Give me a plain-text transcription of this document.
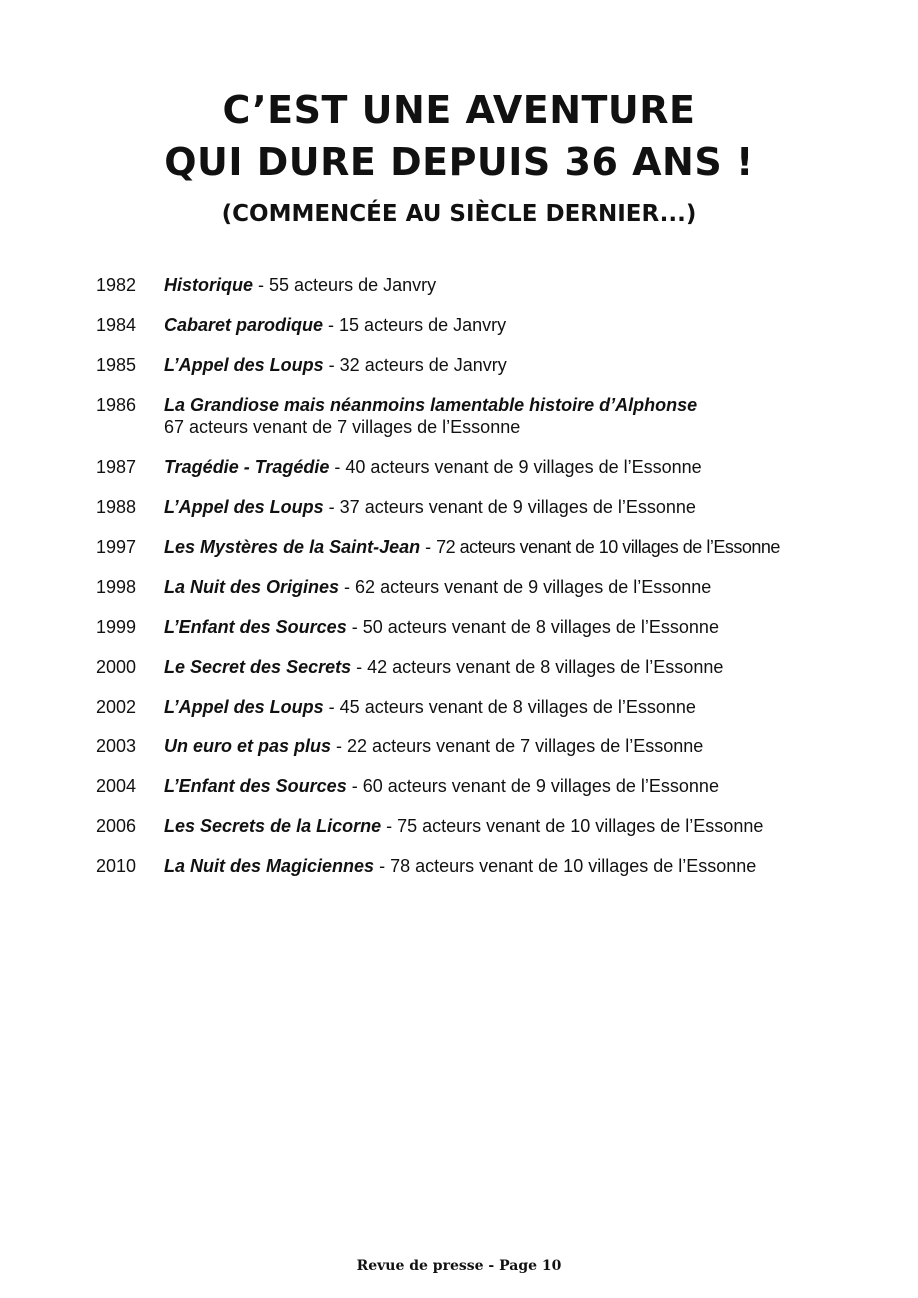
C’EST UNE AVENTURE
QUI DURE DEPUIS 36 ANS !
(COMMENCÉE AU SIÈCLE DERNIER...)
1982	Historique - 55 acteurs de Janvry
1984	Cabaret parodique - 15 acteurs de Janvry
1985	L’Appel des Loups - 32 acteurs de Janvry
1986	La Grandiose mais néanmoins lamentable histoire d’Alphonse
67 acteurs venant de 7 villages de l’Essonne
1987	Tragédie - Tragédie - 40 acteurs venant de 9 villages de l’Essonne
1988	L’Appel des Loups - 37 acteurs venant de 9 villages de l’Essonne
1997	Les Mystères de la Saint-Jean - 72 acteurs venant de 10 villages de l’Essonne
1998	La Nuit des Origines - 62 acteurs venant de 9 villages de l’Essonne
1999	L’Enfant des Sources - 50 acteurs venant de 8 villages de l’Essonne
2000	Le Secret des Secrets - 42 acteurs venant de 8 villages de l’Essonne
2002	L’Appel des Loups - 45 acteurs venant de 8 villages de l’Essonne
2003	Un euro et pas plus - 22 acteurs venant de 7 villages de l’Essonne
2004	L’Enfant des Sources - 60 acteurs venant de 9 villages de l’Essonne
2006	Les Secrets de la Licorne - 75 acteurs venant de 10 villages de l’Essonne
2010	La Nuit des Magiciennes - 78 acteurs venant de 10 villages de l’Essonne
Revue de presse - Page 10
